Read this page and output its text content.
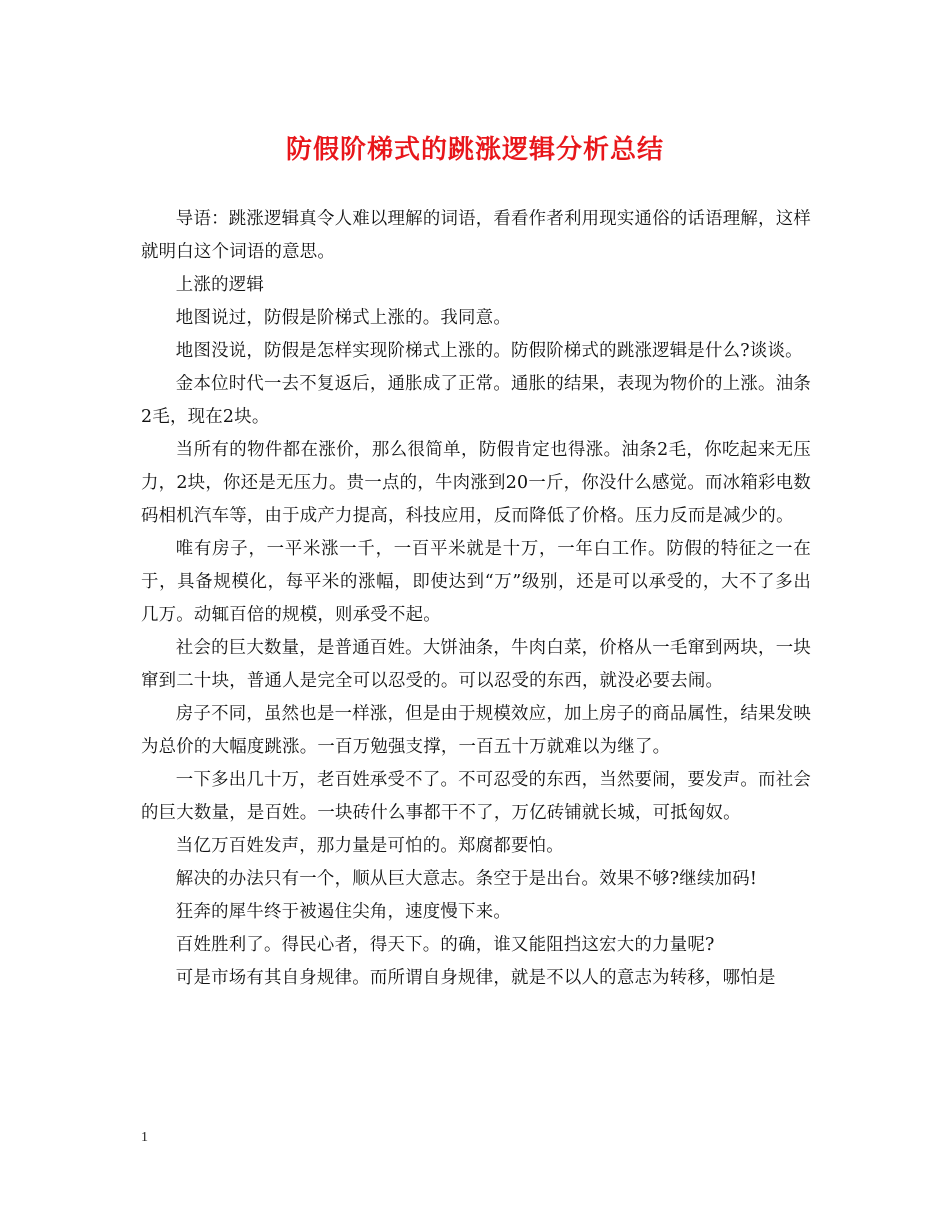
防假阶梯式的跳涨逻辑分析总结

导语：跳涨逻辑真令人难以理解的词语，看看作者利用现实通俗的话语理解，这样就明白这个词语的意思。

上涨的逻辑

地图说过，防假是阶梯式上涨的。我同意。

地图没说，防假是怎样实现阶梯式上涨的。防假阶梯式的跳涨逻辑是什么?谈谈。

金本位时代一去不复返后，通胀成了正常。通胀的结果，表现为物价的上涨。油条2毛，现在2块。

当所有的物件都在涨价，那么很简单，防假肯定也得涨。油条2毛，你吃起来无压力，2块，你还是无压力。贵一点的，牛肉涨到20一斤，你没什么感觉。而冰箱彩电数码相机汽车等，由于成产力提高，科技应用，反而降低了价格。压力反而是减少的。

唯有房子，一平米涨一千，一百平米就是十万，一年白工作。防假的特征之一在于，具备规模化，每平米的涨幅，即使达到“万”级别，还是可以承受的，大不了多出几万。动辄百倍的规模，则承受不起。

社会的巨大数量，是普通百姓。大饼油条，牛肉白菜，价格从一毛窜到两块，一块窜到二十块，普通人是完全可以忍受的。可以忍受的东西，就没必要去闹。

房子不同，虽然也是一样涨，但是由于规模效应，加上房子的商品属性，结果发映为总价的大幅度跳涨。一百万勉强支撑，一百五十万就难以为继了。

一下多出几十万，老百姓承受不了。不可忍受的东西，当然要闹，要发声。而社会的巨大数量，是百姓。一块砖什么事都干不了，万亿砖铺就长城，可抵匈奴。

当亿万百姓发声，那力量是可怕的。郑腐都要怕。

解决的办法只有一个，顺从巨大意志。条空于是出台。效果不够?继续加码!

狂奔的犀牛终于被遏住尖角，速度慢下来。

百姓胜利了。得民心者，得天下。的确，谁又能阻挡这宏大的力量呢?

可是市场有其自身规律。而所谓自身规律，就是不以人的意志为转移，哪怕是

1
